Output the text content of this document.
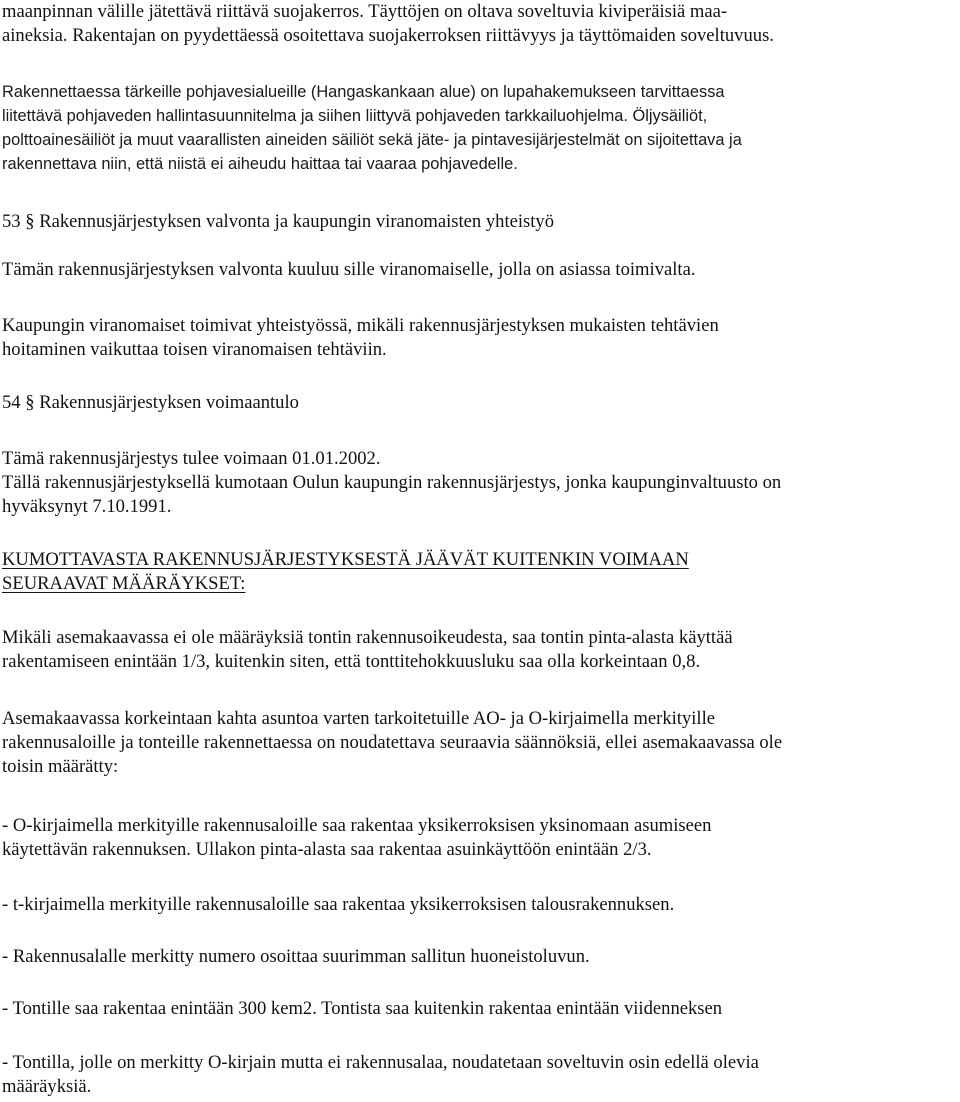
maanpinnan välille jätettävä riittävä suojakerros. Täyttöjen on oltava soveltuvia kiviperäisiä maa-
aineksia. Rakentajan on pyydettäessä osoitettava suojakerroksen riittävyys ja täyttömaiden soveltuvuus.

Rakennettaessa tärkeille pohjavesialueille (Hangaskankaan alue) on lupahakemukseen tarvittaessa
liitettävä pohjaveden hallintasuunnitelma ja siihen liittyvä pohjaveden tarkkailuohjelma. Öljysäiliöt,
polttoainesäiliöt ja muut vaarallisten aineiden säiliöt sekä jäte- ja pintavesijärjestelmät on sijoitettava ja
rakennettava niin, että niistä ei aiheudu haittaa tai vaaraa pohjavedelle.

53 § Rakennusjärjestyksen valvonta ja kaupungin viranomaisten yhteistyö

Tämän rakennusjärjestyksen valvonta kuuluu sille viranomaiselle, jolla on asiassa toimivalta.

Kaupungin viranomaiset toimivat yhteistyössä, mikäli rakennusjärjestyksen mukaisten tehtävien
hoitaminen vaikuttaa toisen viranomaisen tehtäviin.

54 § Rakennusjärjestyksen voimaantulo

Tämä rakennusjärjestys tulee voimaan 01.01.2002.
Tällä rakennusjärjestyksellä kumotaan Oulun kaupungin rakennusjärjestys, jonka kaupunginvaltuusto on
hyväksynyt 7.10.1991.

KUMOTTAVASTA RAKENNUSJÄRJESTYKSESTÄ JÄÄVÄT KUITENKIN VOIMAAN
SEURAAVAT MÄÄRÄYKSET:

Mikäli asemakaavassa ei ole määräyksiä tontin rakennusoikeudesta, saa tontin pinta-alasta käyttää
rakentamiseen enintään 1/3, kuitenkin siten, että tonttitehokkuusluku saa olla korkeintaan 0,8.

Asemakaavassa korkeintaan kahta asuntoa varten tarkoitetuille AO- ja O-kirjaimella merkityille
rakennusaloille ja tonteille rakennettaessa on noudatettava seuraavia säännöksiä, ellei asemakaavassa ole
toisin määrätty:

- O-kirjaimella merkityille rakennusaloille saa rakentaa yksikerroksisen yksinomaan asumiseen
käytettävän rakennuksen. Ullakon pinta-alasta saa rakentaa asuinkäyttöön enintään 2/3.

- t-kirjaimella merkityille rakennusaloille saa rakentaa yksikerroksisen talousrakennuksen.

- Rakennusalalle merkitty numero osoittaa suurimman sallitun huoneistoluvun.

- Tontille saa rakentaa enintään 300 kem2. Tontista saa kuitenkin rakentaa enintään viidenneksen

- Tontilla, jolle on merkitty O-kirjain mutta ei rakennusalaa, noudatetaan soveltuvin osin edellä olevia
määräyksiä.
